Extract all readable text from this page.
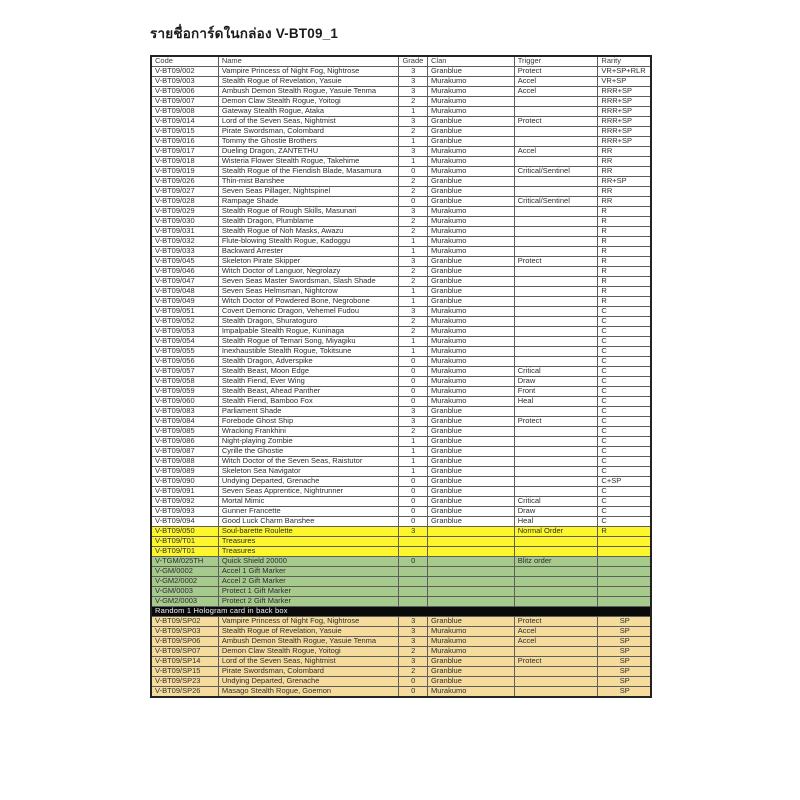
รายชื่อการ์ดในกล่อง V-BT09_1
Code	Name	Grade	Clan	Trigger	Rarity
V-BT09/002	Vampire Princess of Night Fog, Nightrose	3	Granblue	Protect	VR+SP+RLR
V-BT09/003	Stealth Rogue of Revelation, Yasuie	3	Murakumo	Accel	VR+SP
V-BT09/006	Ambush Demon Stealth Rogue, Yasuie Tenma	3	Murakumo	Accel	RRR+SP
V-BT09/007	Demon Claw Stealth Rogue, Yoitogi	2	Murakumo		RRR+SP
V-BT09/008	Gateway Stealth Rogue, Ataka	1	Murakumo		RRR+SP
V-BT09/014	Lord of the Seven Seas, Nightmist	3	Granblue	Protect	RRR+SP
V-BT09/015	Pirate Swordsman, Colombard	2	Granblue		RRR+SP
V-BT09/016	Tommy the Ghostie Brothers	1	Granblue		RRR+SP
V-BT09/017	Dueling Dragon, ZANTETHU	3	Murakumo	Accel	RR
V-BT09/018	Wisteria Flower Stealth Rogue, Takehime	1	Murakumo		RR
V-BT09/019	Stealth Rogue of the Fiendish Blade, Masamura	0	Murakumo	Critical/Sentinel	RR
V-BT09/026	Thin-mist Banshee	2	Granblue		RR+SP
V-BT09/027	Seven Seas Pillager, Nightspinel	2	Granblue		RR
V-BT09/028	Rampage Shade	0	Granblue	Critical/Sentinel	RR
V-BT09/029	Stealth Rogue of Rough Skills, Masunari	3	Murakumo		R
V-BT09/030	Stealth Dragon, Plumblame	2	Murakumo		R
V-BT09/031	Stealth Rogue of Noh Masks, Awazu	2	Murakumo		R
V-BT09/032	Flute-blowing Stealth Rogue, Kadoggu	1	Murakumo		R
V-BT09/033	Backward Arrester	1	Murakumo		R
V-BT09/045	Skeleton Pirate Skipper	3	Granblue	Protect	R
V-BT09/046	Witch Doctor of Languor, Negrolazy	2	Granblue		R
V-BT09/047	Seven Seas Master Swordsman, Slash Shade	2	Granblue		R
V-BT09/048	Seven Seas Helmsman, Nightcrow	1	Granblue		R
V-BT09/049	Witch Doctor of Powdered Bone, Negrobone	1	Granblue		R
V-BT09/051	Covert Demonic Dragon, Vehemel Fudou	3	Murakumo		C
V-BT09/052	Stealth Dragon, Shuratoguro	2	Murakumo		C
V-BT09/053	Impalpable Stealth Rogue, Kuninaga	2	Murakumo		C
V-BT09/054	Stealth Rogue of Temari Song, Miyagiku	1	Murakumo		C
V-BT09/055	Inexhaustible Stealth Rogue, Tokitsune	1	Murakumo		C
V-BT09/056	Stealth Dragon, Adverspike	0	Murakumo		C
V-BT09/057	Stealth Beast, Moon Edge	0	Murakumo	Critical	C
V-BT09/058	Stealth Fiend, Ever Wing	0	Murakumo	Draw	C
V-BT09/059	Stealth Beast, Ahead Panther	0	Murakumo	Front	C
V-BT09/060	Stealth Fiend, Bamboo Fox	0	Murakumo	Heal	C
V-BT09/083	Parliament Shade	3	Granblue		C
V-BT09/084	Forebode Ghost Ship	3	Granblue	Protect	C
V-BT09/085	Wracking Frankhini	2	Granblue		C
V-BT09/086	Night-playing Zombie	1	Granblue		C
V-BT09/087	Cyrille the Ghostie	1	Granblue		C
V-BT09/088	Witch Doctor of the Seven Seas, Raistutor	1	Granblue		C
V-BT09/089	Skeleton Sea Navigator	1	Granblue		C
V-BT09/090	Undying Departed, Grenache	0	Granblue		C+SP
V-BT09/091	Seven Seas Apprentice, Nightrunner	0	Granblue		C
V-BT09/092	Mortal Mimic	0	Granblue	Critical	C
V-BT09/093	Gunner Francette	0	Granblue	Draw	C
V-BT09/094	Good Luck Charm Banshee	0	Granblue	Heal	C
V-BT09/050	Soul-barette Roulette	3		Normal Order	R
V-BT09/T01	Treasures				
V-BT09/T01	Treasures				
V-TGM/025TH	Quick Shield 20000	0		Blitz order	
V-GM/0002	Accel 1 Gift Marker				
V-GM2/0002	Accel 2 Gift Marker				
V-GM/0003	Protect 1 Gift Marker				
V-GM2/0003	Protect 2 Gift Marker				
Random 1 Hologram card in back box					
V-BT09/SP02	Vampire Princess of Night Fog, Nightrose	3	Granblue	Protect	SP
V-BT09/SP03	Stealth Rogue of Revelation, Yasuie	3	Murakumo	Accel	SP
V-BT09/SP06	Ambush Demon Stealth Rogue, Yasuie Tenma	3	Murakumo	Accel	SP
V-BT09/SP07	Demon Claw Stealth Rogue, Yoitogi	2	Murakumo		SP
V-BT09/SP14	Lord of the Seven Seas, Nightmist	3	Granblue	Protect	SP
V-BT09/SP15	Pirate Swordsman, Colombard	2	Granblue		SP
V-BT09/SP23	Undying Departed, Grenache	0	Granblue		SP
V-BT09/SP26	Masago Stealth Rogue, Goemon	0	Murakumo		SP
